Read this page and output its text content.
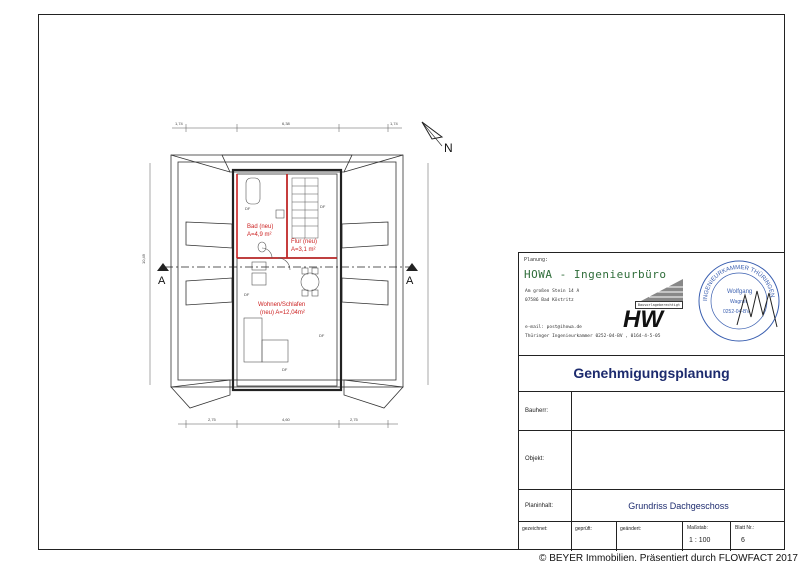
N
1,74	6,38	1,74
2,75	4,60	2,75
10,49
A	A
Bad (neu)
A=4,9 m²
Flur (neu)
A=3,1 m²
Wohnen/Schlafen
(neu) A=12,04m²
DF	DF
DF
DF
DF
Planung:
HOWA - Ingenieurbüro
Am großen Stein 14 A
07586 Bad Köstritz
Bauvorlageberechtigt
e-mail: post@ihowa.de
Thüringer Ingenieurkammer 0252-04-BV , 0164-4-5-05
HW
INGENIEURKAMMER THÜRINGEN
Wolfgang
Wagner
0252-04-BV
Genehmigungsplanung
Bauherr:
Objekt:
Planinhalt:	Grundriss Dachgeschoss
gezeichnet:	geprüft:	geändert:	Maßstab:
1 : 100
Blatt Nr.:
6
© BEYER Immobilien. Präsentiert durch FLOWFACT 2017
